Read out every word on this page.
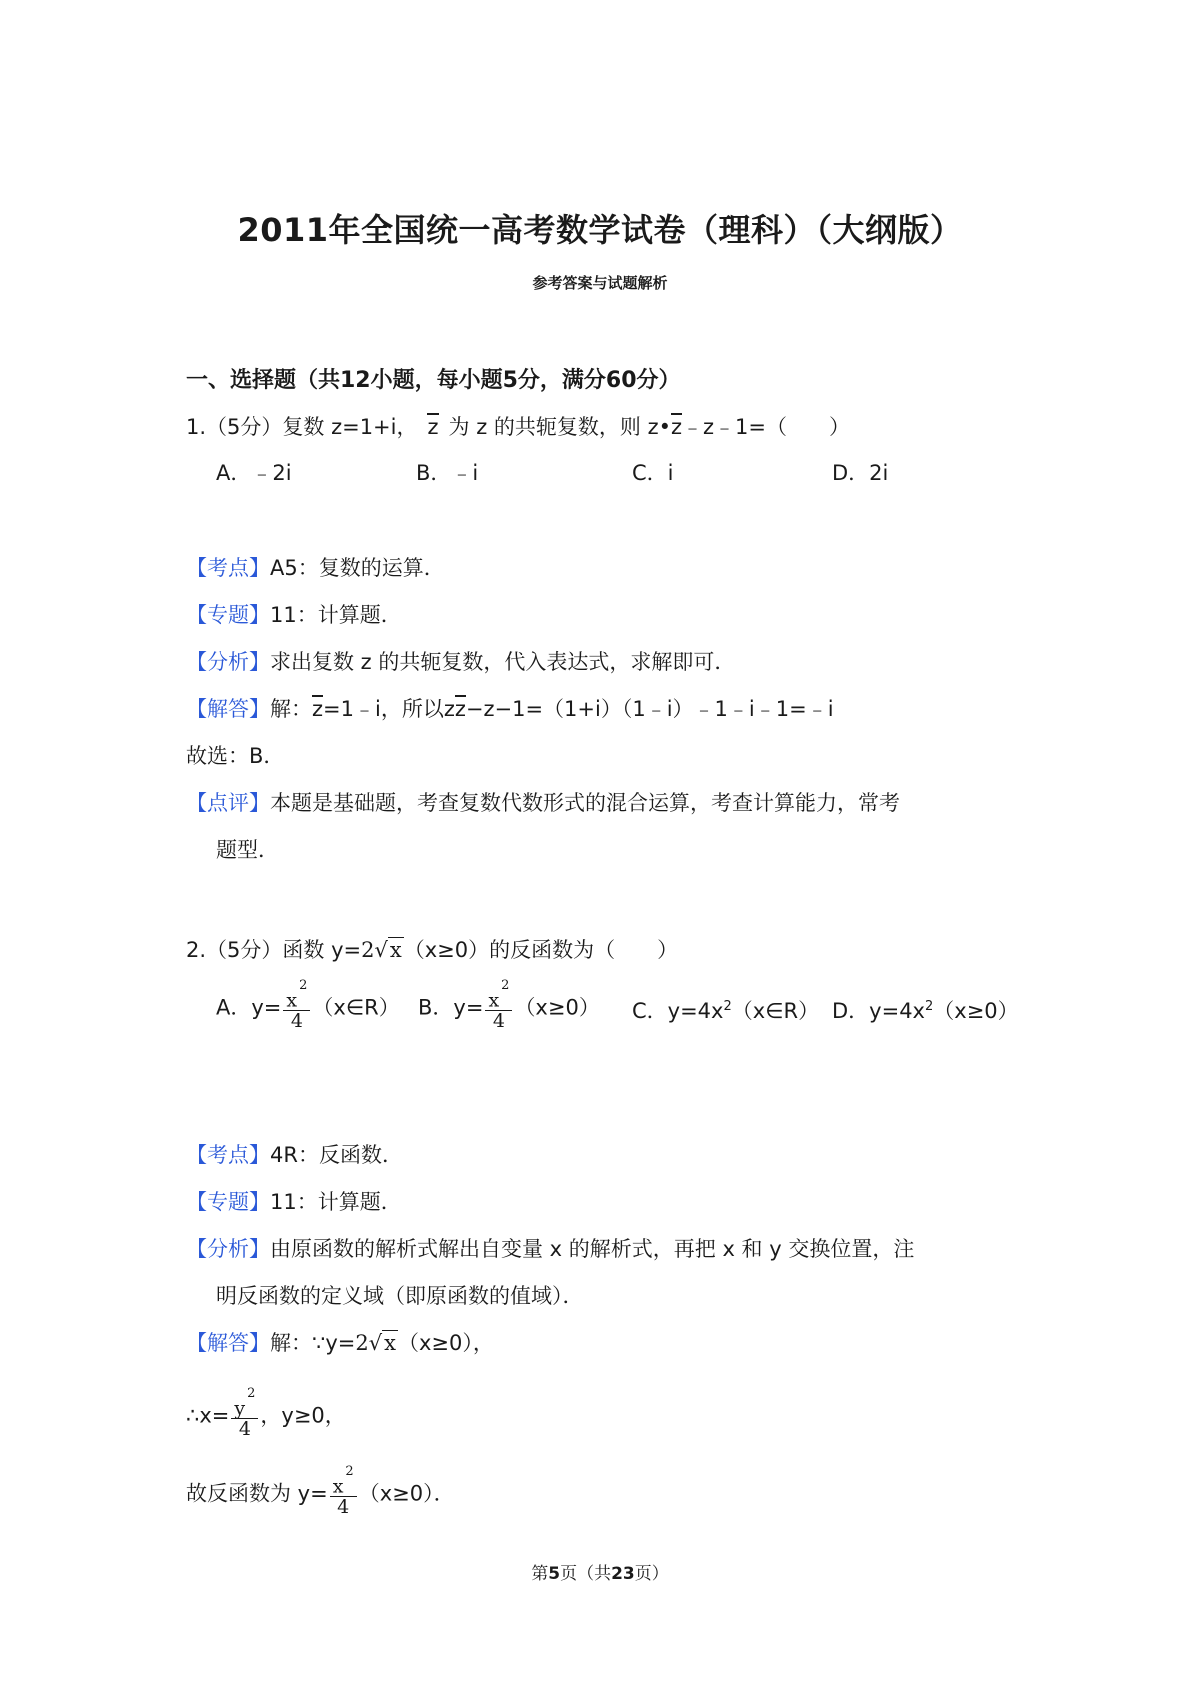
2011年全国统一高考数学试卷（理科）（大纲版）
参考答案与试题解析
一、选择题（共12小题，每小题5分，满分60分）
1.（5分）复数 z=1+i， z 为 z 的共轭复数，则 z•z﹣z﹣1=（　　）
A．﹣2i	B．﹣i	C．i	D．2i
【考点】A5：复数的运算．
【专题】11：计算题．
【分析】求出复数 z 的共轭复数，代入表达式，求解即可．
【解答】解：z=1﹣i，所以zz−z−1=（1+i）（1﹣i）﹣1﹣i﹣1=﹣i
故选：B．
【点评】本题是基础题，考查复数代数形式的混合运算，考查计算能力，常考
题型．
2.（5分）函数 y=2√x（x≥0）的反函数为（　　）
A．$y= \frac{x^2}{4}$ （x∈R） B．$y= \frac{x^2}{4} (x\ge 0)$ C．$y=4x^2(x\in R)$ D．$y=4x^2(x\ge 0)$
【考点】4R：反函数．
【专题】11：计算题．
【分析】由原函数的解析式解出自变量 x 的解析式，再把 x 和 y 交换位置，注
明反函数的定义域（即原函数的值域）．
【解答】解：∵y=2√x（x≥0），
∴x= $\frac{y^2}{4}$ ，y≥0，
故反函数为 $y= \frac{x^2}{4} (x\ge 0)$．
第5页（共23页）
